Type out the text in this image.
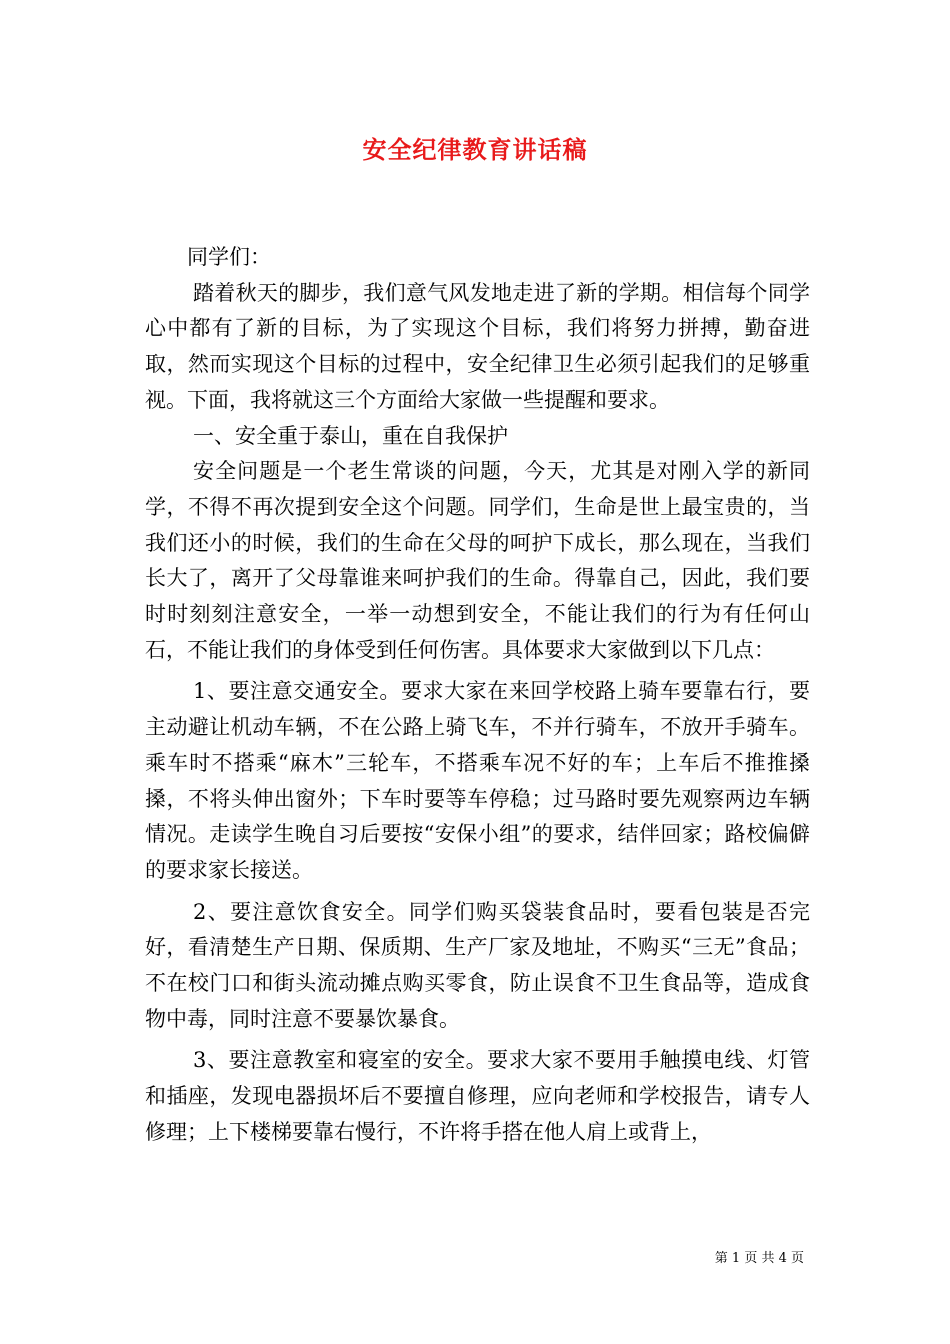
安全纪律教育讲话稿

同学们：

踏着秋天的脚步，我们意气风发地走进了新的学期。相信每个同学心中都有了新的目标，为了实现这个目标，我们将努力拼搏，勤奋进取，然而实现这个目标的过程中，安全纪律卫生必须引起我们的足够重视。下面，我将就这三个方面给大家做一些提醒和要求。

一、安全重于泰山，重在自我保护

安全问题是一个老生常谈的问题，今天，尤其是对刚入学的新同学，不得不再次提到安全这个问题。同学们，生命是世上最宝贵的，当我们还小的时候，我们的生命在父母的呵护下成长，那么现在，当我们长大了，离开了父母靠谁来呵护我们的生命。得靠自己，因此，我们要时时刻刻注意安全，一举一动想到安全，不能让我们的行为有任何山石，不能让我们的身体受到任何伤害。具体要求大家做到以下几点：

1、要注意交通安全。要求大家在来回学校路上骑车要靠右行，要主动避让机动车辆，不在公路上骑飞车，不并行骑车，不放开手骑车。乘车时不搭乘“麻木”三轮车，不搭乘车况不好的车；上车后不推推搡搡，不将头伸出窗外；下车时要等车停稳；过马路时要先观察两边车辆情况。走读学生晚自习后要按“安保小组”的要求，结伴回家；路校偏僻的要求家长接送。

2、要注意饮食安全。同学们购买袋装食品时，要看包装是否完好，看清楚生产日期、保质期、生产厂家及地址，不购买“三无”食品；不在校门口和街头流动摊点购买零食，防止误食不卫生食品等，造成食物中毒，同时注意不要暴饮暴食。

3、要注意教室和寝室的安全。要求大家不要用手触摸电线、灯管和插座，发现电器损坏后不要擅自修理，应向老师和学校报告，请专人修理；上下楼梯要靠右慢行，不许将手搭在他人肩上或背上，

第 1 页 共 4 页
